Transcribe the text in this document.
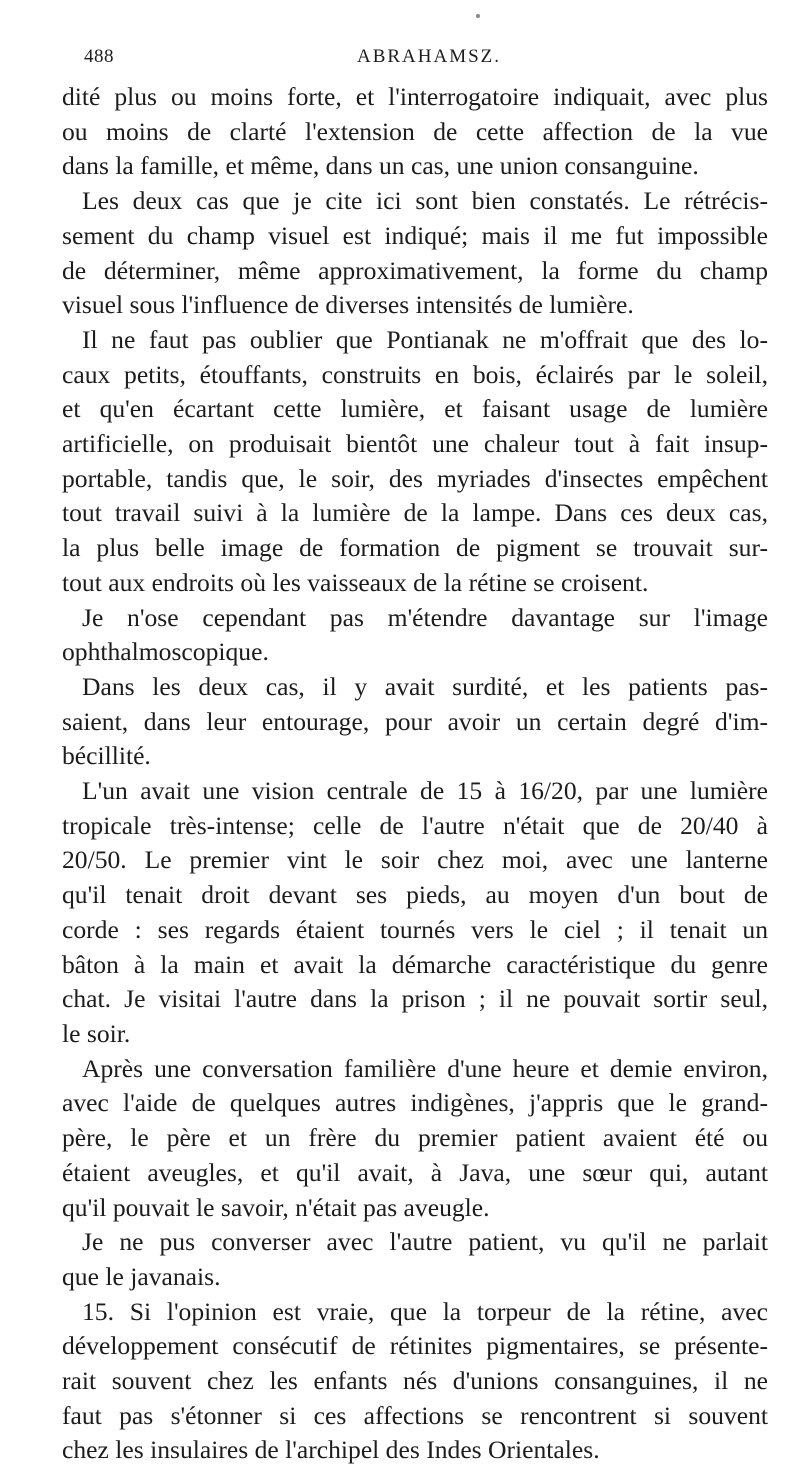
488	ABRAHAMSZ.
dité plus ou moins forte, et l'interrogatoire indiquait, avec plus
ou moins de clarté l'extension de cette affection de la vue
dans la famille, et même, dans un cas, une union consanguine.
Les deux cas que je cite ici sont bien constatés. Le rétrécis-
sement du champ visuel est indiqué; mais il me fut impossible
de déterminer, même approximativement, la forme du champ
visuel sous l'influence de diverses intensités de lumière.
Il ne faut pas oublier que Pontianak ne m'offrait que des lo-
caux petits, étouffants, construits en bois, éclairés par le soleil,
et qu'en écartant cette lumière, et faisant usage de lumière
artificielle, on produisait bientôt une chaleur tout à fait insup-
portable, tandis que, le soir, des myriades d'insectes empêchent
tout travail suivi à la lumière de la lampe. Dans ces deux cas,
la plus belle image de formation de pigment se trouvait sur-
tout aux endroits où les vaisseaux de la rétine se croisent.
Je n'ose cependant pas m'étendre davantage sur l'image
ophthalmoscopique.
Dans les deux cas, il y avait surdité, et les patients pas-
saient, dans leur entourage, pour avoir un certain degré d'im-
bécillité.
L'un avait une vision centrale de 15 à 16/20, par une lumière
tropicale très-intense; celle de l'autre n'était que de 20/40 à
20/50. Le premier vint le soir chez moi, avec une lanterne
qu'il tenait droit devant ses pieds, au moyen d'un bout de
corde : ses regards étaient tournés vers le ciel ; il tenait un
bâton à la main et avait la démarche caractéristique du genre
chat. Je visitai l'autre dans la prison ; il ne pouvait sortir seul,
le soir.
Après une conversation familière d'une heure et demie environ,
avec l'aide de quelques autres indigènes, j'appris que le grand-
père, le père et un frère du premier patient avaient été ou
étaient aveugles, et qu'il avait, à Java, une sœur qui, autant
qu'il pouvait le savoir, n'était pas aveugle.
Je ne pus converser avec l'autre patient, vu qu'il ne parlait
que le javanais.
15. Si l'opinion est vraie, que la torpeur de la rétine, avec
développement consécutif de rétinites pigmentaires, se présente-
rait souvent chez les enfants nés d'unions consanguines, il ne
faut pas s'étonner si ces affections se rencontrent si souvent
chez les insulaires de l'archipel des Indes Orientales.
